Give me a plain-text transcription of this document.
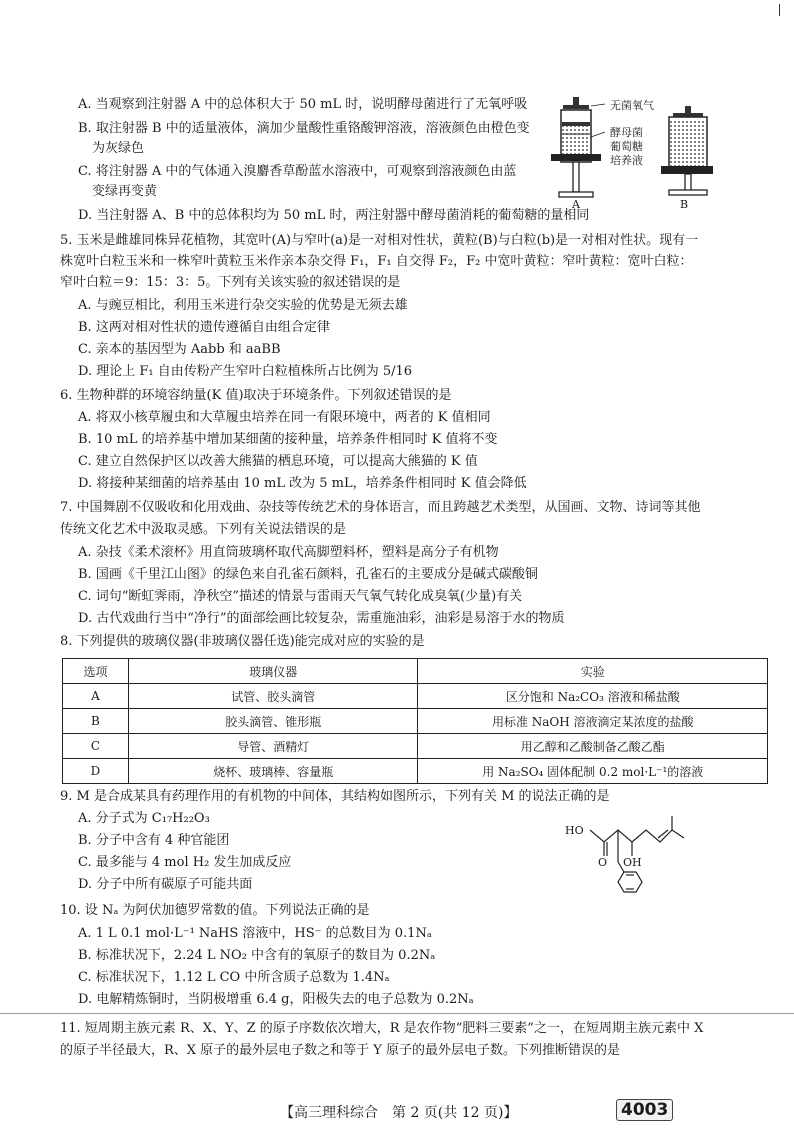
A. 当观察到注射器 A 中的总体积大于 50 mL 时，说明酵母菌进行了无氧呼吸
B. 取注射器 B 中的适量液体，滴加少量酸性重铬酸钾溶液，溶液颜色由橙色变
为灰绿色
C. 将注射器 A 中的气体通入溴麝香草酚蓝水溶液中，可观察到溶液颜色由蓝
变绿再变黄
D. 当注射器 A、B 中的总体积均为 50 mL 时，两注射器中酵母菌消耗的葡萄糖的量相同
无菌氧气
酵母菌
葡萄糖
培养液
A	B
5. 玉米是雌雄同株异花植物，其宽叶(A)与窄叶(a)是一对相对性状，黄粒(B)与白粒(b)是一对相对性状。现有一
株宽叶白粒玉米和一株窄叶黄粒玉米作亲本杂交得 F₁，F₁ 自交得 F₂，F₂ 中宽叶黄粒：窄叶黄粒：宽叶白粒：
窄叶白粒＝9：15：3：5。下列有关该实验的叙述错误的是
A. 与豌豆相比，利用玉米进行杂交实验的优势是无须去雄
B. 这两对相对性状的遗传遵循自由组合定律
C. 亲本的基因型为 Aabb 和 aaBB
D. 理论上 F₁ 自由传粉产生窄叶白粒植株所占比例为 5/16
6. 生物种群的环境容纳量(K 值)取决于环境条件。下列叙述错误的是
A. 将双小核草履虫和大草履虫培养在同一有限环境中，两者的 K 值相同
B. 10 mL 的培养基中增加某细菌的接种量，培养条件相同时 K 值将不变
C. 建立自然保护区以改善大熊猫的栖息环境，可以提高大熊猫的 K 值
D. 将接种某细菌的培养基由 10 mL 改为 5 mL，培养条件相同时 K 值会降低
7. 中国舞剧不仅吸收和化用戏曲、杂技等传统艺术的身体语言，而且跨越艺术类型，从国画、文物、诗词等其他
传统文化艺术中汲取灵感。下列有关说法错误的是
A. 杂技《柔术滚杯》用直筒玻璃杯取代高脚塑料杯，塑料是高分子有机物
B. 国画《千里江山图》的绿色来自孔雀石颜料，孔雀石的主要成分是碱式碳酸铜
C. 词句“断虹霁雨，净秋空”描述的情景与雷雨天气氧气转化成臭氧(少量)有关
D. 古代戏曲行当中“净行”的面部绘画比较复杂，需重施油彩，油彩是易溶于水的物质
8. 下列提供的玻璃仪器(非玻璃仪器任选)能完成对应的实验的是
选项	玻璃仪器	实验
A	试管、胶头滴管	区分饱和 Na₂CO₃ 溶液和稀盐酸
B	胶头滴管、锥形瓶	用标准 NaOH 溶液滴定某浓度的盐酸
C	导管、酒精灯	用乙醇和乙酸制备乙酸乙酯
D	烧杯、玻璃棒、容量瓶	用 Na₂SO₄ 固体配制 0.2 mol·L⁻¹的溶液
9. M 是合成某具有药理作用的有机物的中间体，其结构如图所示，下列有关 M 的说法正确的是
A. 分子式为 C₁₇H₂₂O₃
B. 分子中含有 4 种官能团
C. 最多能与 4 mol H₂ 发生加成反应
D. 分子中所有碳原子可能共面
HO
O OH
10. 设 Nₐ 为阿伏加德罗常数的值。下列说法正确的是
A. 1 L 0.1 mol·L⁻¹ NaHS 溶液中，HS⁻ 的总数目为 0.1Nₐ
B. 标准状况下，2.24 L NO₂ 中含有的氧原子的数目为 0.2Nₐ
C. 标准状况下，1.12 L CO 中所含质子总数为 1.4Nₐ
D. 电解精炼铜时，当阴极增重 6.4 g，阳极失去的电子总数为 0.2Nₐ
11. 短周期主族元素 R、X、Y、Z 的原子序数依次增大，R 是农作物“肥料三要素”之一，在短周期主族元素中 X
的原子半径最大，R、X 原子的最外层电子数之和等于 Y 原子的最外层电子数。下列推断错误的是
【高三理科综合　第 2 页(共 12 页)】	4003
